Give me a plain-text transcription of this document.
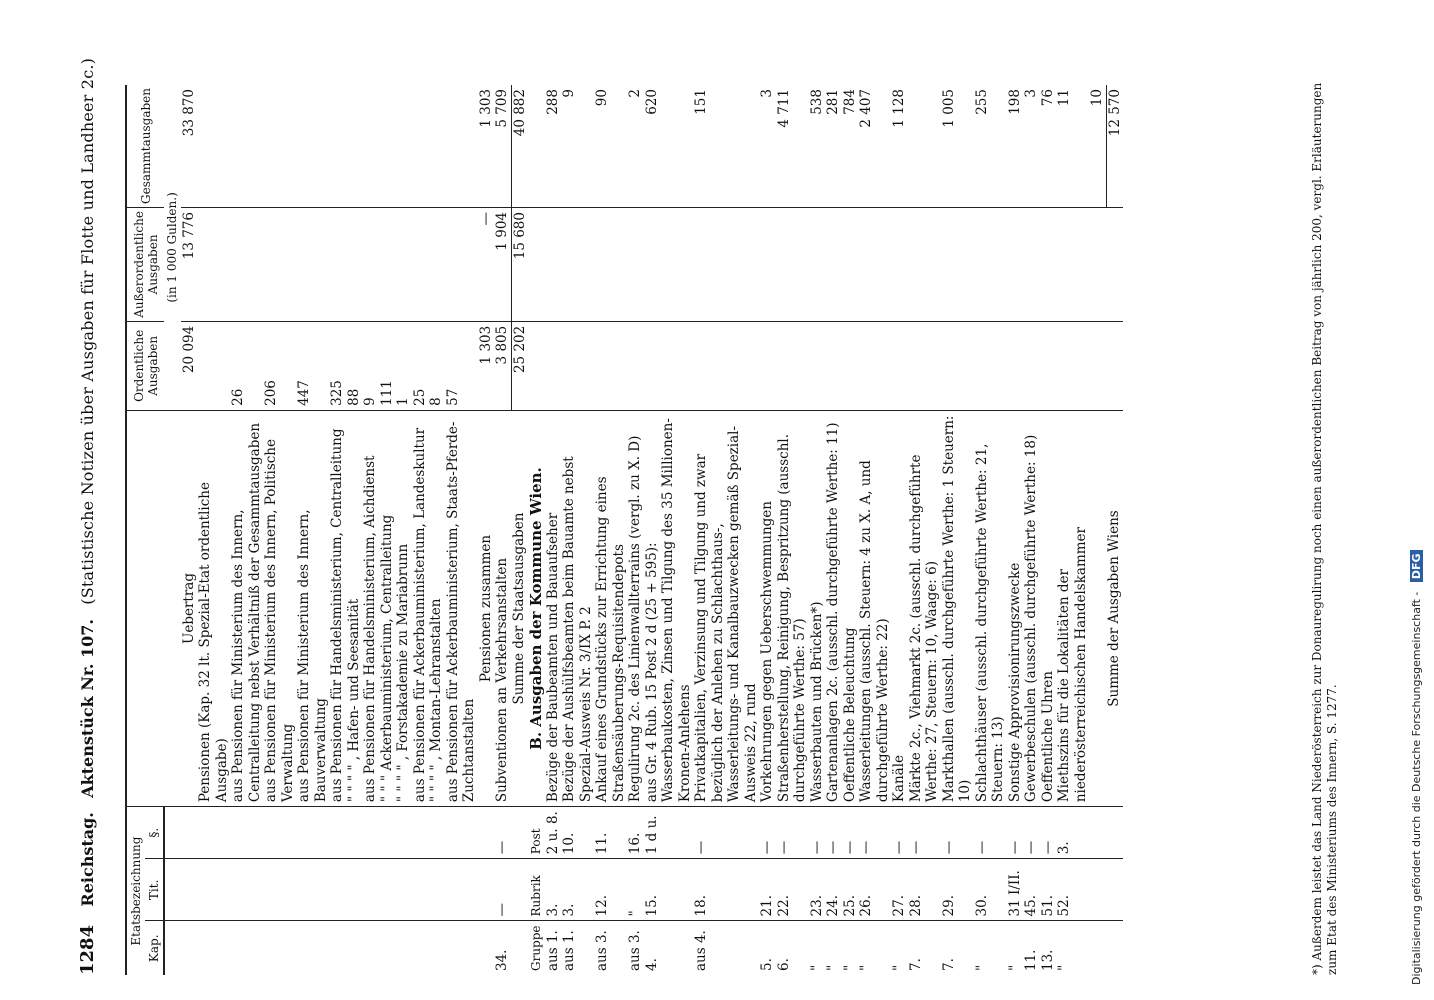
1284 Reichstag. Aktenstück Nr. 107. (Statistische Notizen über Ausgaben für Flotte und Landheer 2c.)
Etatsbezeichnung				Ordentliche Ausgaben	Außerordentliche Ausgaben	Gesammtausgaben
Kap.	Tit.	§.				
				(in 1 000 Gulden.)		
			Uebertrag	20 094	13 776	33 870
			Pensionen (Kap. 32 lt. Spezial-Etat ordentliche Ausgabe)			
			aus Pensionen für Ministerium des Innern, Centralleitung nebst Verhältniß der Gesammtausgaben	26		
			aus Pensionen für Ministerium des Innern, Politische Verwaltung	206		
			aus Pensionen für Ministerium des Innern, Bauverwaltung	447		
			aus Pensionen für Handelsministerium, Centralleitung	325		
			" " " " , Hafen- und Seesanität	88		
			aus Pensionen für Handelsministerium, Aichdienst	9		
			" " " Ackerbauministerium, Centralleitung	111		
			" " " " , Forstakademie zu Mariabrunn	1		
			aus Pensionen für Ackerbauministerium, Landeskultur	25		
			" " " " , Montan-Lehranstalten	8		
			aus Pensionen für Ackerbauministerium, Staats-Pferde-Zuchtanstalten	57		
			Pensionen zusammen	1 303	—	1 303
34.	—	—	Subventionen an Verkehrsanstalten	3 805	1 904	5 709
			Summe der Staatsausgaben	25 202	15 680	40 882
Gruppe	Rubrik	Post	B. Ausgaben der Kommune Wien.			
aus 1.	3.	2 u. 8.	Bezüge der Baubeamten und Bauaufseher			288
aus 1.	3.	10.	Bezüge der Aushülfsbeamten beim Bauamte nebst Spezial-Ausweis Nr. 3/IX P. 2			9
aus 3.	12.	11.	Ankauf eines Grundstücks zur Errichtung eines Straßensäuberungs-Requisitendepots			90
aus 3.	"	16.	Regulirung 2c. des Linienwallterrains (vergl. zu X. D)			2
4.	15.	1 d u.	aus Gr. 4 Rub. 15 Post 2 d (25 + 595): Wasserbaukosten, Zinsen und Tilgung des 35 Millionen-Kronen-Anlehens			620
aus 4.	18.	—	Privatkapitalien, Verzinsung und Tilgung und zwar bezüglich der Anlehen zu Schlachthaus-, Wasserleitungs- und Kanalbauzwecken gemäß Spezial-Ausweis 22, rund			151
5.	21.	—	Vorkehrungen gegen Ueberschwemmungen			3
6.	22.	—	Straßenherstellung, Reinigung, Bespritzung (ausschl. durchgeführte Werthe: 57)			4 711
"	23.	—	Wasserbauten und Brücken*)			538
"	24.	—	Gartenanlagen 2c. (ausschl. durchgeführte Werthe: 11)			281
"	25.	—	Oeffentliche Beleuchtung			784
"	26.	—	Wasserleitungen (ausschl. Steuern: 4 zu X. A, und durchgeführte Werthe: 22)			2 407
"	27.	—	Kanäle			1 128
7.	28.	—	Märkte 2c., Viehmarkt 2c. (ausschl. durchgeführte Werthe: 27, Steuern: 10, Waage: 6)			
7.	29.	—	Markthallen (ausschl. durchgeführte Werthe: 1 Steuern: 10)			1 005
"	30.	—	Schlachthäuser (ausschl. durchgeführte Werthe: 21, Steuern: 13)			255
"	31 I/II.	—	Sonstige Approvisionirungszwecke			198
11.	45.	—	Gewerbeschulen (ausschl. durchgeführte Werthe: 18)			3
13.	51.	—	Oeffentliche Uhren			76
"	52.	3.	Miethszins für die Lokalitäten der niederösterreichischen Handelskammer			11
						10
			Summe der Ausgaben Wiens			12 570	*) Außerdem leistet das Land Niederösterreich zur Donauregulirung noch einen außerordentlichen Beitrag von jährlich 200, vergl. Erläuterungen zum Etat des Ministeriums des Innern, S. 1277.	Digitalisierung gefördert durch die Deutsche Forschungsgemeinschaft - DFG
